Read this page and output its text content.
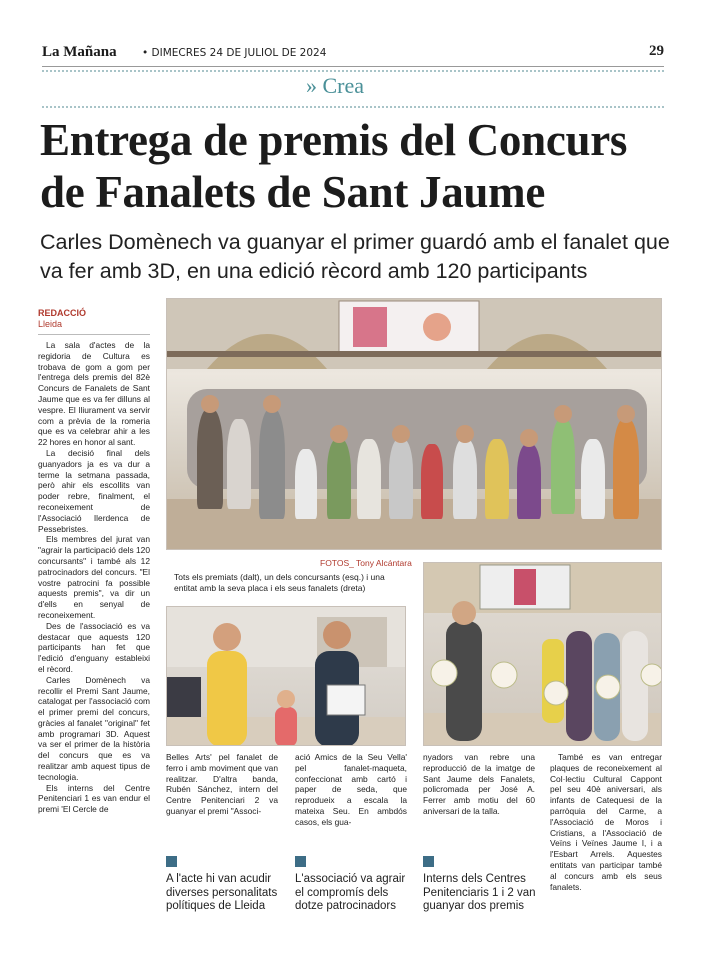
La Mañana • DIMECRES 24 DE JULIOL DE 2024	29
» Crea
Entrega de premis del Concurs de Fanalets de Sant Jaume
Carles Domènech va guanyar el primer guardó amb el fanalet que va fer amb 3D, en una edició rècord amb 120 participants
REDACCIÓ
Lleida

La sala d'actes de la regidoria de Cultura es trobava de gom a gom per l'entrega dels premis del 82è Concurs de Fanalets de Sant Jaume que es va fer dilluns al vespre. El lliurament va servir com a prèvia de la romeria que es va celebrar ahir a les 22 hores en honor al sant.

La decisió final dels guanyadors ja es va dur a terme la setmana passada, però ahir els escollits van poder rebre, finalment, el reconeixement de l'Associació Ilerdenca de Pessebristes.

Els membres del jurat van "agrair la participació dels 120 concursants" i també als 12 patrocinadors del concurs. "El vostre patrocini fa possible aquests premis", va dir un d'ells en senyal de reconeixement.

Des de l'associació es va destacar que aquests 120 participants han fet que l'edició d'enguany estableixi el rècord.

Carles Domènech va recollir el Premi Sant Jaume, catalogat per l'associació com el primer premi del concurs, gràcies al fanalet "original" fet amb programari 3D. Aquest va ser el primer de la història del concurs que es va realitzar amb aquest tipus de tecnologia.

Els interns del Centre Penitenciari 1 es van endur el premi 'El Cercle de

FOTOS_ Tony Alcántara
Tots els premiats (dalt), un dels concursants (esq.) i una entitat amb la seva placa i els seus fanalets (dreta)

Belles Arts' pel fanalet de ferro i amb moviment que van realitzar. D'altra banda, Rubén Sánchez, intern del Centre Penitenciari 2 va guanyar el premi "Associ-

ació Amics de la Seu Vella' pel fanalet-maqueta, confeccionat amb cartó i paper de seda, que reprodueix a escala la mateixa Seu. En ambdós casos, els gua-

nyadors van rebre una reproducció de la imatge de Sant Jaume dels Fanalets, policromada per José A. Ferrer amb motiu del 60 aniversari de la talla.

També es van entregar plaques de reconeixement al Col·lectiu Cultural Cappont pel seu 40è aniversari, als infants de Catequesi de la parròquia del Carme, a l'Associació de Moros i Cristians, a l'Associació de Veïns i Veïnes Jaume I, i a l'Esbart Arrels. Aquestes entitats van participar també al concurs amb els seus fanalets.

A l'acte hi van acudir diverses personalitats polítiques de Lleida
L'associació va agrair el compromís dels dotze patrocinadors
Interns dels Centres Penitenciaris 1 i 2 van guanyar dos premis
